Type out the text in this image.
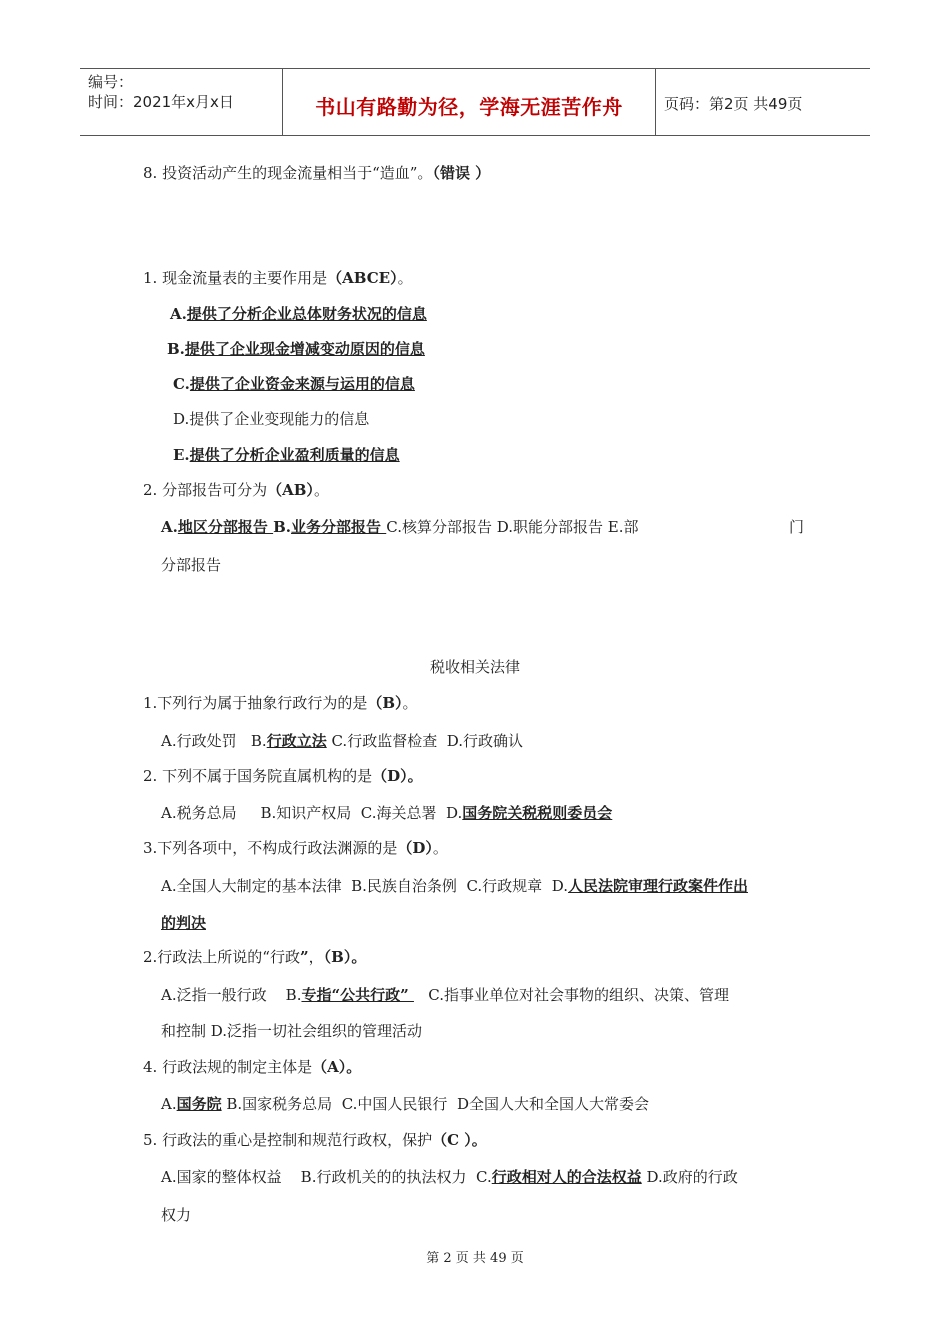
编号：
时间：2021年x月x日	书山有路勤为径，学海无涯苦作舟	页码：第2页 共49页
8. 投资活动产生的现金流量相当于“造血”。（错误 ）
1. 现金流量表的主要作用是（ABCE）。
A.提供了分析企业总体财务状况的信息
B.提供了企业现金增减变动原因的信息
C.提供了企业资金来源与运用的信息
D.提供了企业变现能力的信息
E.提供了分析企业盈利质量的信息
2. 分部报告可分为（AB）。
A.地区分部报告 B.业务分部报告 C.核算分部报告 D.职能分部报告 E.部	门
分部报告
税收相关法律
1.下列行为属于抽象行政行为的是（B）。
A.行政处罚   B.行政立法 C.行政监督检查  D.行政确认
2. 下列不属于国务院直属机构的是（D）。
A.税务总局     B.知识产权局  C.海关总署  D.国务院关税税则委员会
3.下列各项中，不构成行政法渊源的是（D）。
A.全国人大制定的基本法律  B.民族自治条例  C.行政规章  D.人民法院审理行政案件作出
的判决
2.行政法上所说的“行政”，（B）。
A.泛指一般行政    B.专指“公共行政”    C.指事业单位对社会事物的组织、决策、管理
和控制 D.泛指一切社会组织的管理活动
4. 行政法规的制定主体是（A）。
A.国务院 B.国家税务总局  C.中国人民银行  D全国人大和全国人大常委会
5. 行政法的重心是控制和规范行政权，保护（C ）。
A.国家的整体权益    B.行政机关的的执法权力  C.行政相对人的合法权益 D.政府的行政
权力
第 2 页 共 49 页
